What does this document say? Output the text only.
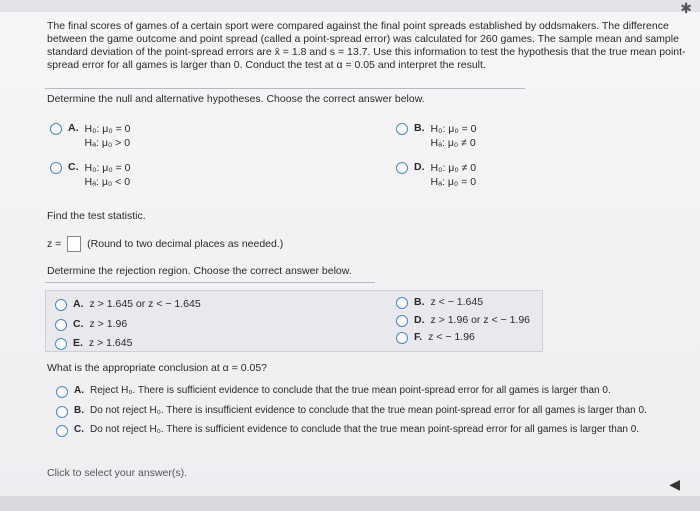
✱
The final scores of games of a certain sport were compared against the final point spreads established by oddsmakers. The difference between the game outcome and point spread (called a point-spread error) was calculated for 260 games. The sample mean and sample standard deviation of the point-spread errors are x̄ = 1.8 and s = 13.7. Use this information to test the hypothesis that the true mean point-spread error for all games is larger than 0. Conduct the test at α = 0.05 and interpret the result.
Determine the null and alternative hypotheses. Choose the correct answer below.
A. H₀: μ₀ = 0
Hₐ: μ₀ > 0
B. H₀: μ₀ = 0
Hₐ: μ₀ ≠ 0
C. H₀: μ₀ = 0
Hₐ: μ₀ < 0
D. H₀: μ₀ ≠ 0
Hₐ: μ₀ = 0
Find the test statistic.
z = (Round to two decimal places as needed.)
Determine the rejection region. Choose the correct answer below.
A. z > 1.645 or z < − 1.645	B. z < − 1.645
C. z > 1.96	D. z > 1.96 or z < − 1.96
E. z > 1.645	F. z < − 1.96
What is the appropriate conclusion at α = 0.05?
A. Reject H₀. There is sufficient evidence to conclude that the true mean point-spread error for all games is larger than 0.
B. Do not reject H₀. There is insufficient evidence to conclude that the true mean point-spread error for all games is larger than 0.
C. Do not reject H₀. There is sufficient evidence to conclude that the true mean point-spread error for all games is larger than 0.
Click to select your answer(s).
◀
